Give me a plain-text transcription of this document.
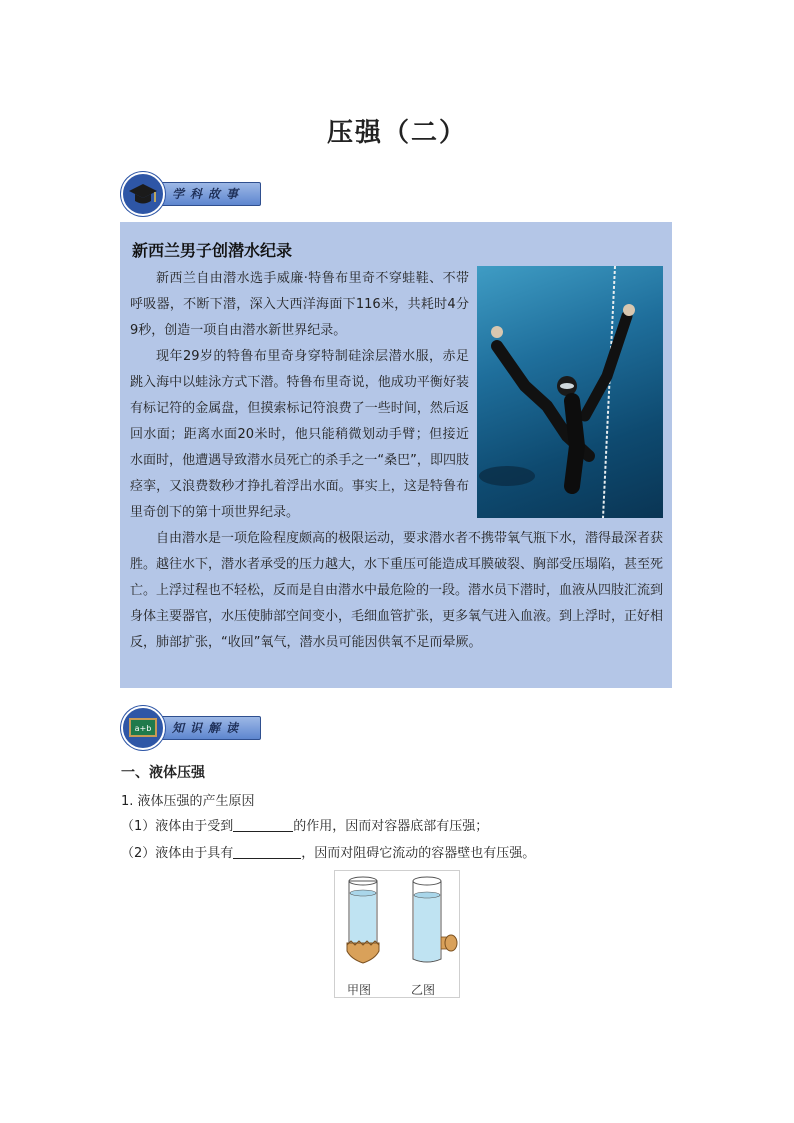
压强（二）
学科故事
新西兰男子创潜水纪录

新西兰自由潜水选手威廉·特鲁布里奇不穿蛙鞋、不带呼吸器，不断下潜，深入大西洋海面下116米，共耗时4分9秒，创造一项自由潜水新世界纪录。

现年29岁的特鲁布里奇身穿特制硅涂层潜水服，赤足跳入海中以蛙泳方式下潜。特鲁布里奇说，他成功平衡好装有标记符的金属盘，但摸索标记符浪费了一些时间，然后返回水面；距离水面20米时，他只能稍微划动手臂；但接近水面时，他遭遇导致潜水员死亡的杀手之一“桑巴”，即四肢痉挛，又浪费数秒才挣扎着浮出水面。事实上，这是特鲁布里奇创下的第十项世界纪录。

自由潜水是一项危险程度颇高的极限运动，要求潜水者不携带氧气瓶下水，潜得最深者获胜。越往水下，潜水者承受的压力越大，水下重压可能造成耳膜破裂、胸部受压塌陷，甚至死亡。上浮过程也不轻松，反而是自由潜水中最危险的一段。潜水员下潜时，血液从四肢汇流到身体主要器官，水压使肺部空间变小，毛细血管扩张，更多氧气进入血液。到上浮时，正好相反，肺部扩张，“收回”氧气，潜水员可能因供氧不足而晕厥。

知识解读
a+b
一、液体压强
1. 液体压强的产生原因
（1）液体由于受到	的作用，因而对容器底部有压强；
（2）液体由于具有	，因而对阻碍它流动的容器壁也有压强。
甲图	乙图
